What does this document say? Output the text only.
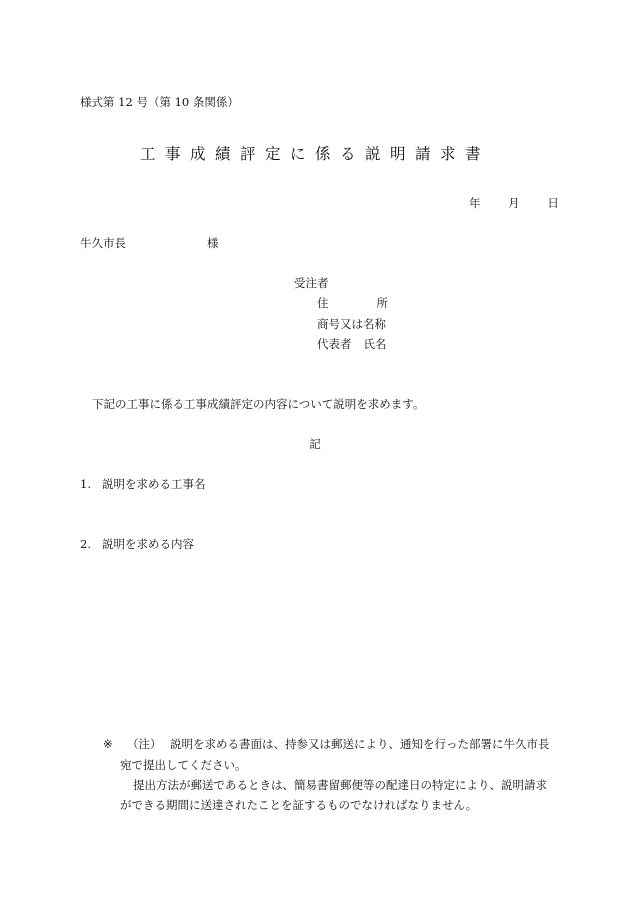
様式第 12 号（第 10 条関係）
工事成績評定に係る説明請求書
年 月 日
牛久市長	様
受注者
住	所
商号又は名称
代表者 氏名
下記の工事に係る工事成績評定の内容について説明を求めます。
記
1. 説明を求める工事名
2. 説明を求める内容
※ （注） 説明を求める書面は、持参又は郵送により、通知を行った部署に牛久市長
宛で提出してください。
提出方法が郵送であるときは、簡易書留郵便等の配達日の特定により、説明請求
ができる期間に送達されたことを証するものでなければなりません。
